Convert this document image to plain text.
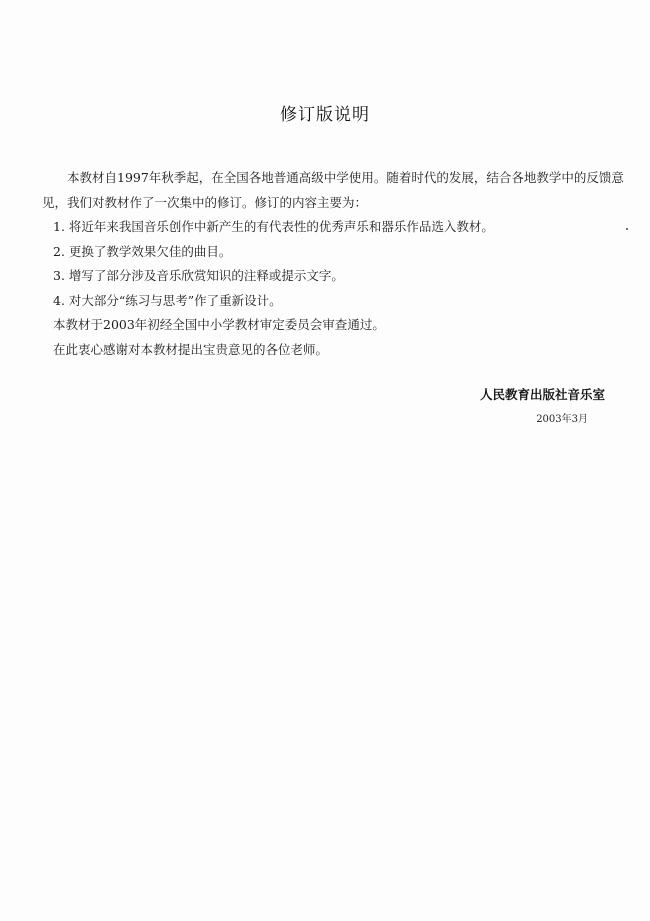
修订版说明

本教材自1997年秋季起，在全国各地普通高级中学使用。随着时代的发展，结合各地教学中的反馈意见，我们对教材作了一次集中的修订。修订的内容主要为：

1. 将近年来我国音乐创作中新产生的有代表性的优秀声乐和器乐作品选入教材。

2. 更换了教学效果欠佳的曲目。

3. 增写了部分涉及音乐欣赏知识的注释或提示文字。

4. 对大部分“练习与思考”作了重新设计。

本教材于2003年初经全国中小学教材审定委员会审查通过。

在此衷心感谢对本教材提出宝贵意见的各位老师。

人民教育出版社音乐室
2003年3月
